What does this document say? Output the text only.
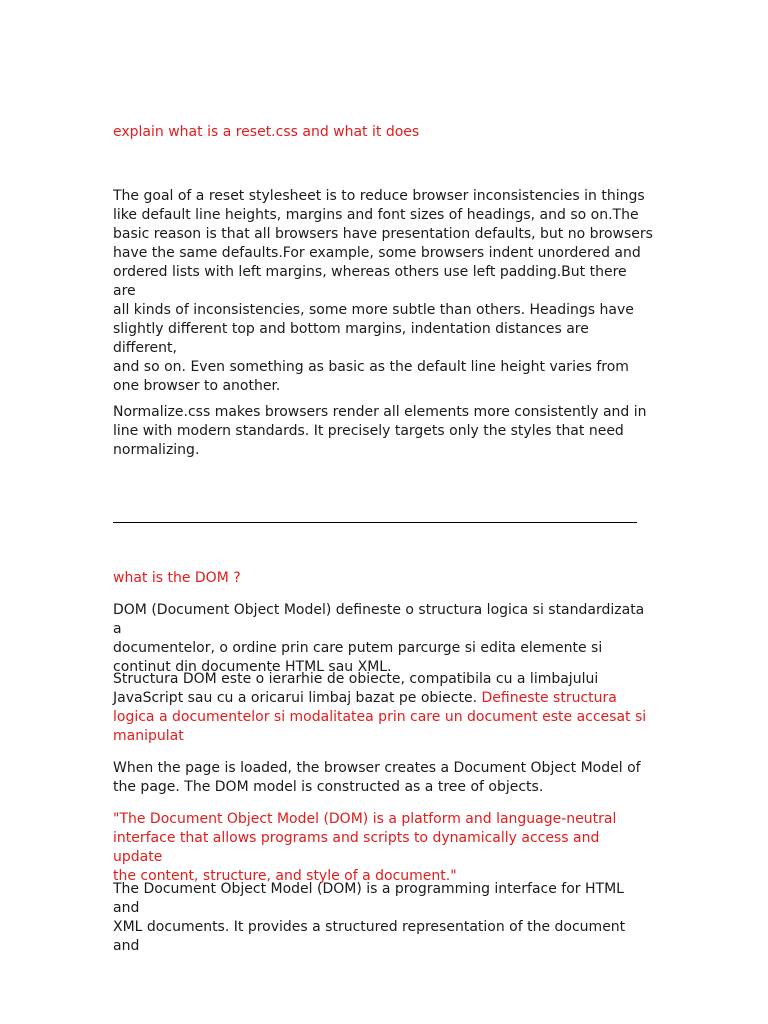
explain what is a reset.css and what it does

The goal of a reset stylesheet is to reduce browser inconsistencies in things
like default line heights, margins and font sizes of headings, and so on.The
basic reason is that all browsers have presentation defaults, but no browsers
have the same defaults.For example, some browsers indent unordered and
ordered lists with left margins, whereas others use left padding.But there are
all kinds of inconsistencies, some more subtle than others. Headings have
slightly different top and bottom margins, indentation distances are different,
and so on. Even something as basic as the default line height varies from
one browser to another.

Normalize.css makes browsers render all elements more consistently and in
line with modern standards. It precisely targets only the styles that need
normalizing.

what is the DOM ?

DOM (Document Object Model) defineste o structura logica si standardizata a
documentelor, o ordine prin care putem parcurge si edita elemente si
continut din documente HTML sau XML.

Structura DOM este o ierarhie de obiecte, compatibila cu a limbajului
JavaScript sau cu a oricarui limbaj bazat pe obiecte. Defineste structura
logica a documentelor si modalitatea prin care un document este accesat si
manipulat

When the page is loaded, the browser creates a Document Object Model of
the page. The DOM model is constructed as a tree of objects.

"The Document Object Model (DOM) is a platform and language-neutral
interface that allows programs and scripts to dynamically access and update
the content, structure, and style of a document."

The Document Object Model (DOM) is a programming interface for HTML and
XML documents. It provides a structured representation of the document and
